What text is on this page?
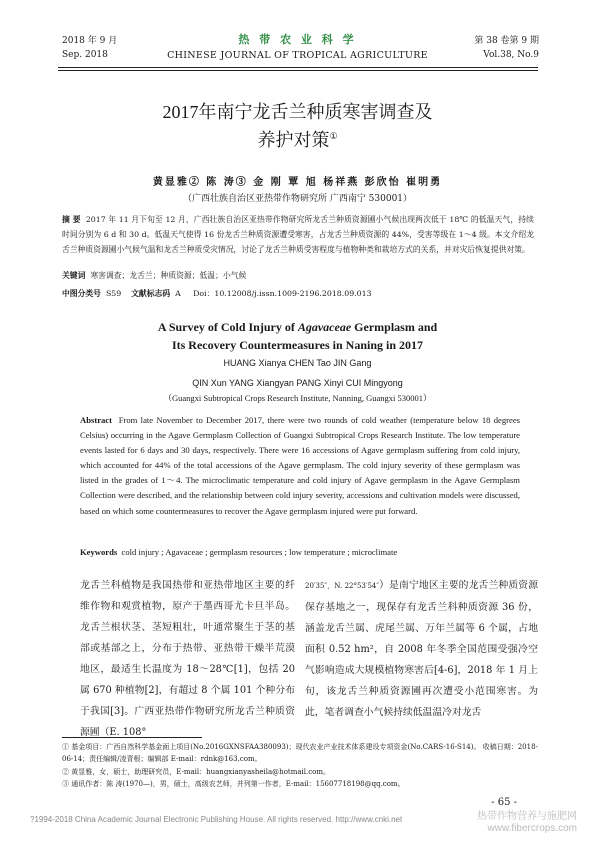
2018 年 9 月	热 带 农 业 科 学	第 38 卷第 9 期
Sep. 2018	CHINESE JOURNAL OF TROPICAL AGRICULTURE	Vol.38, No.9
2017年南宁龙舌兰种质寒害调查及
养护对策①
黄显雅② 陈 涛③ 金 刚 覃 旭 杨祥燕 彭欣怡 崔明勇
（广西壮族自治区亚热带作物研究所 广西南宁 530001）
摘 要 2017 年 11 月下旬至 12 月，广西壮族自治区亚热带作物研究所龙舌兰种质资源圃小气候出现两次低于 18℃ 的低温天气，持续时间分别为 6 d 和 30 d。低温天气使得 16 份龙舌兰种质资源遭受寒害，占龙舌兰种质资源的 44%，受害等级在 1～4 级。本文介绍龙舌兰种质资源圃小气候气温和龙舌兰种质受灾情况，讨论了龙舌兰种质受害程度与植物种类和栽培方式的关系，并对灾后恢复提供对策。
关键词 寒害调查；龙舌兰；种质资源；低温；小气候
中图分类号 S59 文献标志码 A Doi：10.12008/j.issn.1009-2196.2018.09.013
A Survey of Cold Injury of Agavaceae Germplasm and
Its Recovery Countermeasures in Naning in 2017
HUANG Xianya CHEN Tao JIN Gang
QIN Xun YANG Xiangyan PANG Xinyi CUI Mingyong
（Guangxi Subtropical Crops Research Institute, Nanning, Guangxi 530001）
Abstract From late November to December 2017, there were two rounds of cold weather (temperature below 18 degrees Celsius) occurring in the Agave Germplasm Collection of Guangxi Subtropical Crops Research Institute. The low temperature events lasted for 6 days and 30 days, respectively. There were 16 accessions of Agave germplasm suffering from cold injury, which accounted for 44% of the total accessions of the Agave germplasm. The cold injury severity of these germplasm was listed in the grades of 1～4. The microclimatic temperature and cold injury of Agave germplasm in the Agave Germplasm Collection were described, and the relationship between cold injury severity, accessions and cultivation models were discussed, based on which some countermeasures to recover the Agave germplasm injured were put forward.
Keywords cold injury ; Agavaceae ; germplasm resources ; low temperature ; microclimate
龙舌兰科植物是我国热带和亚热带地区主要的纤维作物和观赏植物，原产于墨西哥尤卡旦半岛。龙舌兰根状茎、茎短粗壮，叶通常聚生于茎的基部或基部之上，分布于热带、亚热带干燥半荒漠地区，最适生长温度为 18～28℃[1]，包括 20 属 670 种植物[2]，有超过 8 个属 101 个种分布于我国[3]。广西亚热带作物研究所龙舌兰种质资源圃（E. 108°
20′35″，N. 22°53′54″）是南宁地区主要的龙舌兰种质资源保存基地之一，现保存有龙舌兰科种质资源 36 份，涵盖龙舌兰属、虎尾兰属、万年兰属等 6 个属，占地面积 0.52 hm²，自 2008 年冬季全国范围受强冷空气影响造成大规模植物寒害后[4-6]，2018 年 1 月上旬，该龙舌兰种质资源圃再次遭受小范围寒害。为此，笔者调查小气候持续低温温冷对龙舌
① 基金项目：广西自然科学基金面上项目(No.2016GXNSFAA380093)；现代农业产业技术体系建设专项资金(No.CARS-16-S14)。 收稿日期：2018-06-14；责任编辑/凌青根；编辑部 E-mail：rdnk@163.com。
② 黄显雅，女，硕士，助理研究员，E-mail：huangxianyasheila@hotmail.com。
③ 通讯作者：陈 涛(1970—)，男，硕士，高级农艺师，并列第一作者，E-mail：15607718198@qq.com。
- 65 -
?1994-2018 China Academic Journal Electronic Publishing House. All rights reserved. http://www.cnki.net	热带作物营养与施肥网
www.fibercrops.com
